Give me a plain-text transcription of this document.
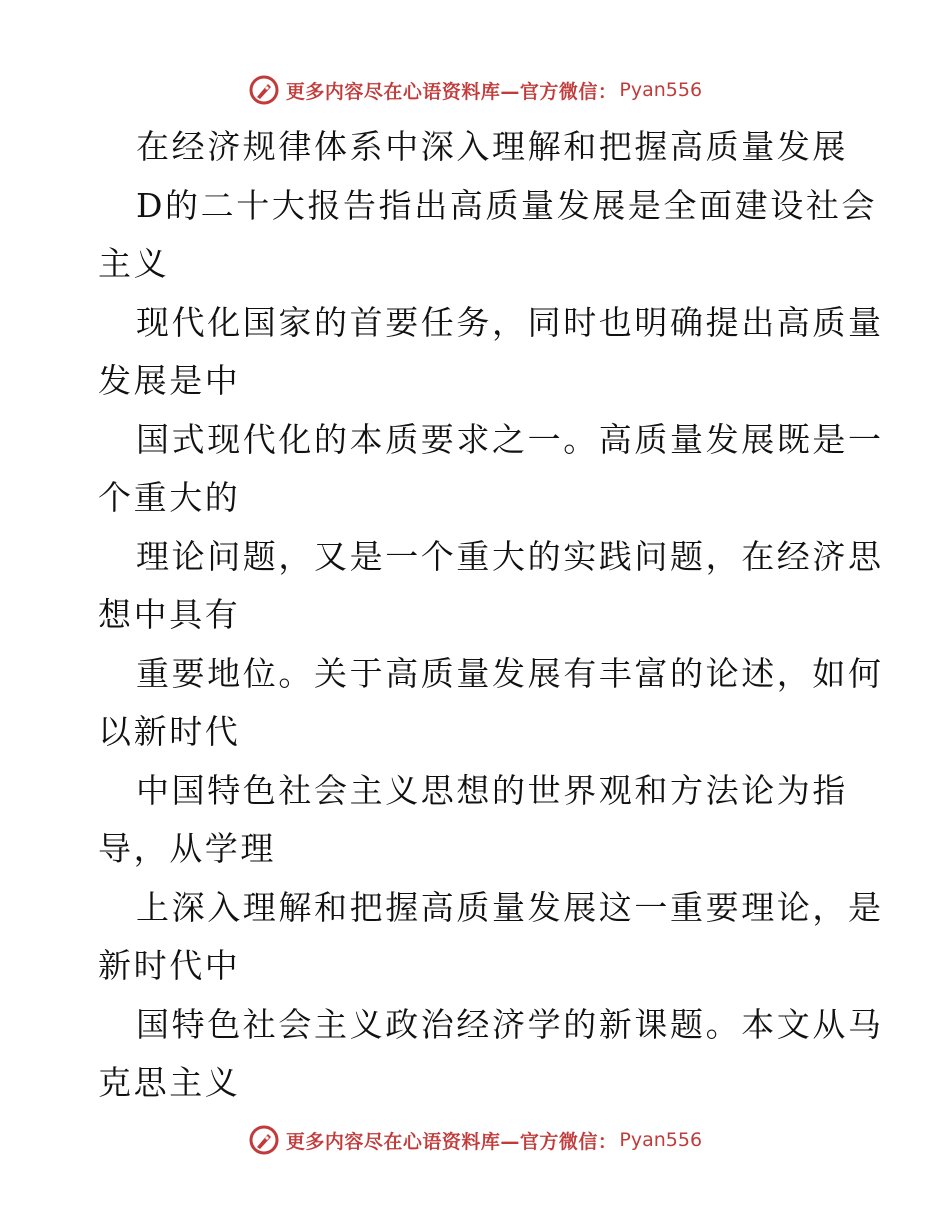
更多内容尽在心语资料库—官方微信： Pyan556
在经济规律体系中深入理解和把握高质量发展
D的二十大报告指出高质量发展是全面建设社会
主义
现代化国家的首要任务，同时也明确提出高质量
发展是中
国式现代化的本质要求之一。高质量发展既是一
个重大的
理论问题，又是一个重大的实践问题，在经济思
想中具有
重要地位。关于高质量发展有丰富的论述，如何
以新时代
中国特色社会主义思想的世界观和方法论为指
导，从学理
上深入理解和把握高质量发展这一重要理论，是
新时代中
国特色社会主义政治经济学的新课题。本文从马
克思主义
更多内容尽在心语资料库—官方微信： Pyan556
